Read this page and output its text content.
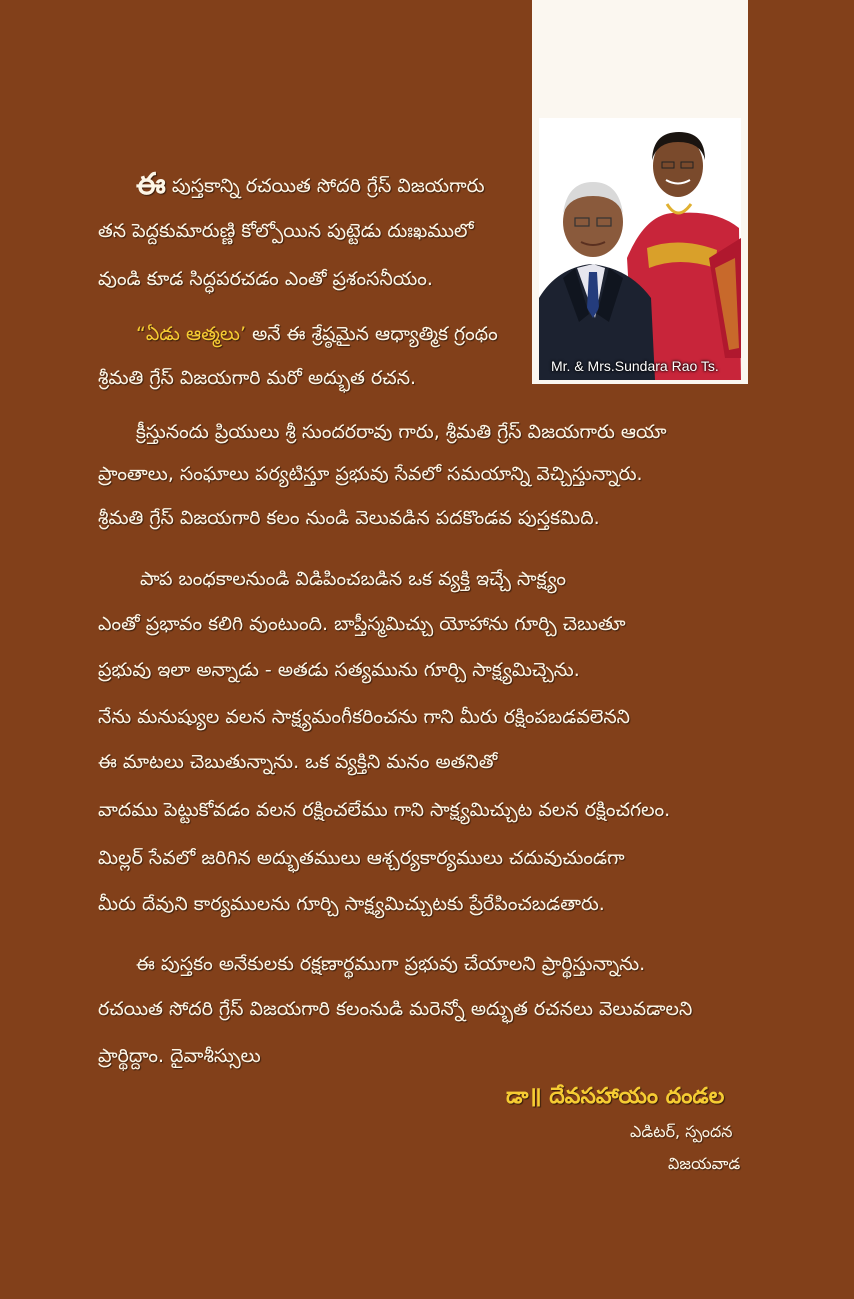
Mr. & Mrs.Sundara Rao Ts.
ఈపుస్తకాన్ని రచయిత సోదరి గ్రేస్ విజయగారు
తన పెద్దకుమారుణ్ణి కోల్పోయిన పుట్టెడు దుఃఖములో
వుండి కూడ సిద్ధపరచడం ఎంతో ప్రశంసనీయం.
“ఏడు ఆత్మలు’ అనే ఈ శ్రేష్ఠమైన ఆధ్యాత్మిక గ్రంథం
శ్రీమతి గ్రేస్ విజయగారి మరో అద్భుత రచన.
క్రీస్తునందు ప్రియులు శ్రీ సుందరరావు గారు, శ్రీమతి గ్రేస్ విజయగారు ఆయా
ప్రాంతాలు, సంఘాలు పర్యటిస్తూ ప్రభువు సేవలో సమయాన్ని వెచ్చిస్తున్నారు.
శ్రీమతి గ్రేస్ విజయగారి కలం నుండి వెలువడిన పదకొండవ పుస్తకమిది.
పాప బంధకాలనుండి విడిపించబడిన ఒక వ్యక్తి ఇచ్చే సాక్ష్యం
ఎంతో ప్రభావం కలిగి వుంటుంది. బాప్తీస్మమిచ్చు యోహాను గూర్చి చెబుతూ
ప్రభువు ఇలా అన్నాడు - అతడు సత్యమును గూర్చి సాక్ష్యమిచ్చెను.
నేను మనుష్యుల వలన సాక్ష్యమంగీకరించను గాని మీరు రక్షింపబడవలెనని
ఈ మాటలు చెబుతున్నాను. ఒక వ్యక్తిని మనం అతనితో
వాదము పెట్టుకోవడం వలన రక్షించలేము గాని సాక్ష్యమిచ్చుట వలన రక్షించగలం.
మిల్లర్ సేవలో జరిగిన అద్భుతములు ఆశ్చర్యకార్యములు చదువుచుండగా
మీరు దేవుని కార్యములను గూర్చి సాక్ష్యమిచ్చుటకు ప్రేరేపించబడతారు.
ఈ పుస్తకం అనేకులకు రక్షణార్థముగా ప్రభువు చేయాలని ప్రార్థిస్తున్నాను.
రచయిత సోదరి గ్రేస్ విజయగారి కలంనుడి మరెన్నో అద్భుత రచనలు వెలువడాలని
ప్రార్థిద్దాం. దైవాశీస్సులు
డా॥ దేవసహాయం దండల
ఎడిటర్, స్పందన
విజయవాడ
